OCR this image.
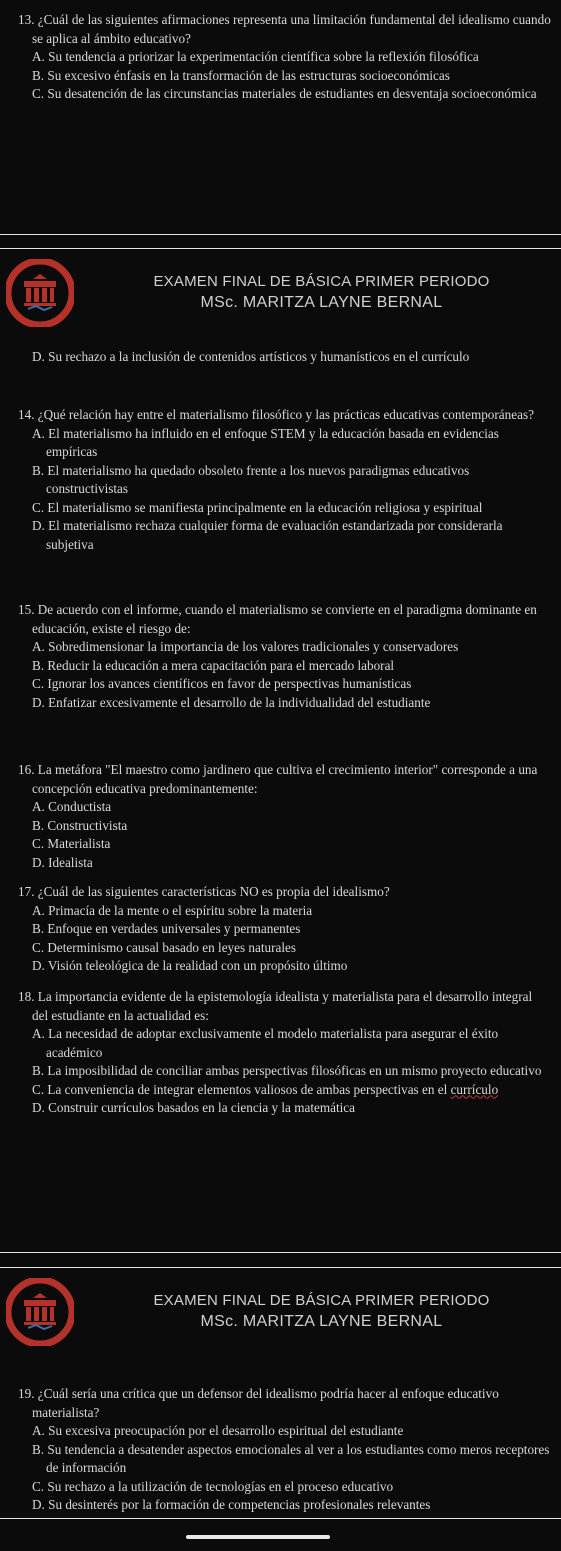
13. ¿Cuál de las siguientes afirmaciones representa una limitación fundamental del idealismo cuando se aplica al ámbito educativo?
A. Su tendencia a priorizar la experimentación científica sobre la reflexión filosófica
B. Su excesivo énfasis en la transformación de las estructuras socioeconómicas
C. Su desatención de las circunstancias materiales de estudiantes en desventaja socioeconómica
EXAMEN FINAL DE BÁSICA PRIMER PERIODO
MSc. MARITZA LAYNE BERNAL
D. Su rechazo a la inclusión de contenidos artísticos y humanísticos en el currículo
14. ¿Qué relación hay entre el materialismo filosófico y las prácticas educativas contemporáneas?
A. El materialismo ha influido en el enfoque STEM y la educación basada en evidencias empíricas
B. El materialismo ha quedado obsoleto frente a los nuevos paradigmas educativos constructivistas
C. El materialismo se manifiesta principalmente en la educación religiosa y espiritual
D. El materialismo rechaza cualquier forma de evaluación estandarizada por considerarla subjetiva
15. De acuerdo con el informe, cuando el materialismo se convierte en el paradigma dominante en educación, existe el riesgo de:
A. Sobredimensionar la importancia de los valores tradicionales y conservadores
B. Reducir la educación a mera capacitación para el mercado laboral
C. Ignorar los avances científicos en favor de perspectivas humanísticas
D. Enfatizar excesivamente el desarrollo de la individualidad del estudiante
16. La metáfora "El maestro como jardinero que cultiva el crecimiento interior" corresponde a una concepción educativa predominantemente:
A. Conductista
B. Constructivista
C. Materialista
D. Idealista
17. ¿Cuál de las siguientes características NO es propia del idealismo?
A. Primacía de la mente o el espíritu sobre la materia
B. Enfoque en verdades universales y permanentes
C. Determinismo causal basado en leyes naturales
D. Visión teleológica de la realidad con un propósito último
18. La importancia evidente de la epistemología idealista y materialista para el desarrollo integral del estudiante en la actualidad es:
A. La necesidad de adoptar exclusivamente el modelo materialista para asegurar el éxito académico
B. La imposibilidad de conciliar ambas perspectivas filosóficas en un mismo proyecto educativo
C. La conveniencia de integrar elementos valiosos de ambas perspectivas en el currículo
D. Construir currículos basados en la ciencia y la matemática
EXAMEN FINAL DE BÁSICA PRIMER PERIODO
MSc. MARITZA LAYNE BERNAL
19. ¿Cuál sería una crítica que un defensor del idealismo podría hacer al enfoque educativo materialista?
A. Su excesiva preocupación por el desarrollo espiritual del estudiante
B. Su tendencia a desatender aspectos emocionales al ver a los estudiantes como meros receptores de información
C. Su rechazo a la utilización de tecnologías en el proceso educativo
D. Su desinterés por la formación de competencias profesionales relevantes
